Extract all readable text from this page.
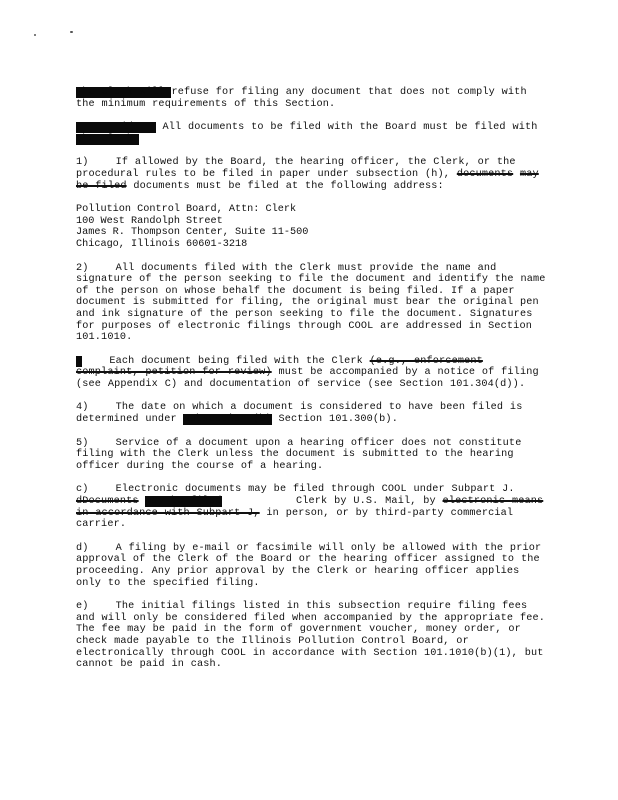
The Clerk will refuse for filing any document that does not comply with the minimum requirements of this Section.

b)	All documents to be filed with the Board must be filed with the Clerk.

1)	If allowed by the Board, the hearing officer, the Clerk, or the procedural rules to be filed in paper under subsection (h), documents may be filed documents must be filed at the following address:

Pollution Control Board, Attn: Clerk
100 West Randolph Street
James R. Thompson Center, Suite 11-500
Chicago, Illinois 60601-3218

2)	All documents filed with the Clerk must provide the name and signature of the person seeking to file the document and identify the name of the person on whose behalf the document is being filed. If a paper document is submitted for filing, the original must bear the original pen and ink signature of the person seeking to file the document. Signatures for purposes of electronic filings through COOL are addressed in Section 101.1010.

3	Each document being filed with the Clerk (e.g., enforcement complaint, petition for review) must be accompanied by a notice of filing (see Appendix C) and documentation of service (see Section 101.304(d)).

4)	The date on which a document is considered to have been filed is determined under subsection (b) Section 101.300(b).

5)	Service of a document upon a hearing officer does not constitute filing with the Clerk unless the document is submitted to the hearing officer during the course of a hearing.

c)	Electronic documents may be filed through COOL under Subpart J. dDocuments may be filed	Clerk by U.S. Mail, by electronic means in accordance with Subpart J, in person, or by third-party commercial carrier.

d)	A filing by e-mail or facsimile will only be allowed with the prior approval of the Clerk of the Board or the hearing officer assigned to the proceeding. Any prior approval by the Clerk or hearing officer applies only to the specified filing.

e)	The initial filings listed in this subsection require filing fees and will only be considered filed when accompanied by the appropriate fee. The fee may be paid in the form of government voucher, money order, or check made payable to the Illinois Pollution Control Board, or electronically through COOL in accordance with Section 101.1010(b)(1), but cannot be paid in cash.
